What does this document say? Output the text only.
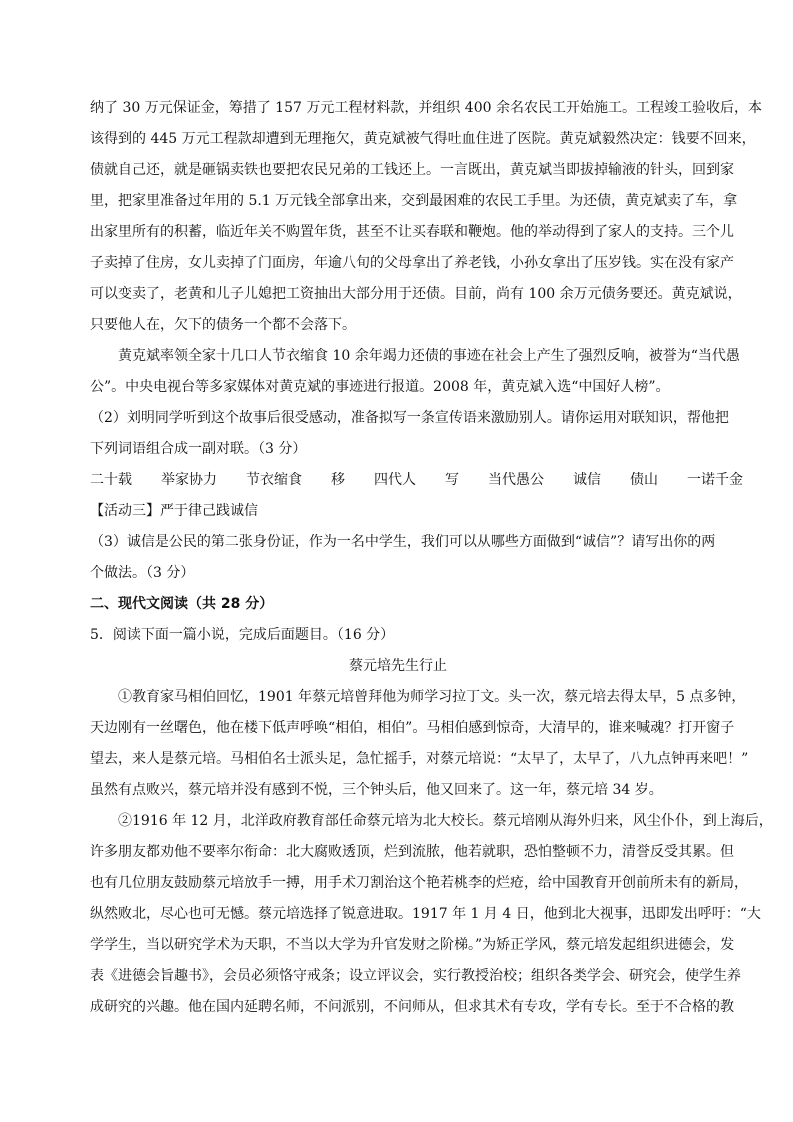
纳了 30 万元保证金，筹措了 157 万元工程材料款，并组织 400 余名农民工开始施工。工程竣工验收后，本
该得到的 445 万元工程款却遭到无理拖欠，黄克斌被气得吐血住进了医院。黄克斌毅然决定：钱要不回来，
债就自己还，就是砸锅卖铁也要把农民兄弟的工钱还上。一言既出，黄克斌当即拔掉输液的针头，回到家
里，把家里准备过年用的 5.1 万元钱全部拿出来，交到最困难的农民工手里。为还债，黄克斌卖了车，拿
出家里所有的积蓄，临近年关不购置年货，甚至不让买春联和鞭炮。他的举动得到了家人的支持。三个儿
子卖掉了住房，女儿卖掉了门面房，年逾八旬的父母拿出了养老钱，小孙女拿出了压岁钱。实在没有家产
可以变卖了，老黄和儿子儿媳把工资抽出大部分用于还债。目前，尚有 100 余万元债务要还。黄克斌说，
只要他人在，欠下的债务一个都不会落下。
黄克斌率领全家十几口人节衣缩食 10 余年竭力还债的事迹在社会上产生了强烈反响，被誉为“当代愚
公”。中央电视台等多家媒体对黄克斌的事迹进行报道。2008 年，黄克斌入选“中国好人榜”。
（2）刘明同学听到这个故事后很受感动，准备拟写一条宣传语来激励别人。请你运用对联知识，帮他把
下列词语组合成一副对联。（3 分）
二十载 举家协力 节衣缩食 移 四代人 写 当代愚公 诚信 债山 一诺千金
【活动三】严于律己践诚信
（3）诚信是公民的第二张身份证，作为一名中学生，我们可以从哪些方面做到“诚信”？请写出你的两
个做法。（3 分）
二、现代文阅读（共 28 分）
5．阅读下面一篇小说，完成后面题目。（16 分）
蔡元培先生行止
①教育家马相伯回忆，1901 年蔡元培曾拜他为师学习拉丁文。头一次，蔡元培去得太早，5 点多钟，
天边刚有一丝曙色，他在楼下低声呼唤“相伯，相伯”。马相伯感到惊奇，大清早的，谁来喊魂？打开窗子
望去，来人是蔡元培。马相伯名士派头足，急忙摇手，对蔡元培说：“太早了，太早了，八九点钟再来吧！”
虽然有点败兴，蔡元培并没有感到不悦，三个钟头后，他又回来了。这一年，蔡元培 34 岁。
②1916 年 12 月，北洋政府教育部任命蔡元培为北大校长。蔡元培刚从海外归来，风尘仆仆，到上海后，
许多朋友都劝他不要率尔衔命：北大腐败透顶，烂到流脓，他若就职，恐怕整顿不力，清誉反受其累。但
也有几位朋友鼓励蔡元培放手一搏，用手术刀割治这个艳若桃李的烂疮，给中国教育开创前所未有的新局，
纵然败北，尽心也可无憾。蔡元培选择了锐意进取。1917 年 1 月 4 日，他到北大视事，迅即发出呼吁：“大
学学生，当以研究学术为天职，不当以大学为升官发财之阶梯。”为矫正学风，蔡元培发起组织进德会，发
表《进德会旨趣书》，会员必须恪守戒条；设立评议会，实行教授治校；组织各类学会、研究会，使学生养
成研究的兴趣。他在国内延聘名师，不问派别，不问师从，但求其术有专攻，学有专长。至于不合格的教
